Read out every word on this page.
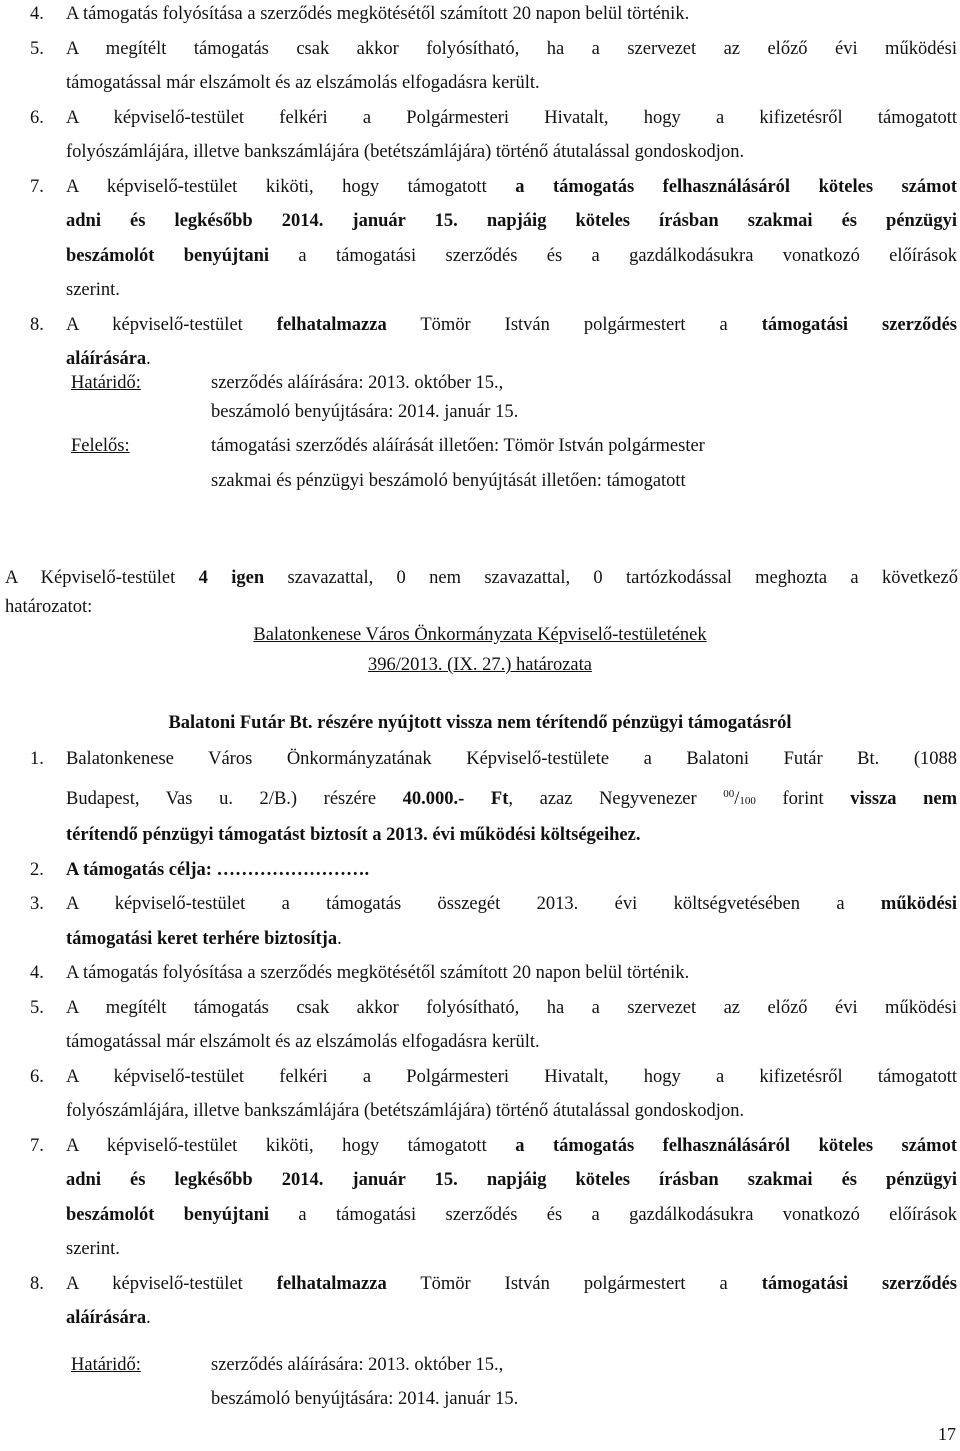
4. A támogatás folyósítása a szerződés megkötésétől számított 20 napon belül történik.
5. A megítélt támogatás csak akkor folyósítható, ha a szervezet az előző évi működési
támogatással már elszámolt és az elszámolás elfogadásra került.
6. A képviselő-testület felkéri a Polgármesteri Hivatalt, hogy a kifizetésről támogatott
folyószámlájára, illetve bankszámlájára (betétszámlájára) történő átutalással gondoskodjon.
7. A képviselő-testület kiköti, hogy támogatott a támogatás felhasználásáról köteles számot
adni és legkésőbb 2014. január 15. napjáig köteles írásban szakmai és pénzügyi
beszámolót benyújtani a támogatási szerződés és a gazdálkodásukra vonatkozó előírások
szerint.
8. A képviselő-testület felhatalmazza Tömör István polgármestert a támogatási szerződés
aláírására.
Határidő:	szerződés aláírására: 2013. október 15.,
beszámoló benyújtására: 2014. január 15.
Felelős:	támogatási szerződés aláírását illetően: Tömör István polgármester
szakmai és pénzügyi beszámoló benyújtását illetően: támogatott
A Képviselő-testület 4 igen szavazattal, 0 nem szavazattal, 0 tartózkodással meghozta a következő
határozatot:
Balatonkenese Város Önkormányzata Képviselő-testületének
396/2013. (IX. 27.) határozata
Balatoni Futár Bt. részére nyújtott vissza nem térítendő pénzügyi támogatásról
1. Balatonkenese Város Önkormányzatának Képviselő-testülete a Balatoni Futár Bt. (1088
Budapest, Vas u. 2/B.) részére 40.000.- Ft, azaz Negyvenezer $^{00}$/100 forint vissza nem
térítendő pénzügyi támogatást biztosít a 2013. évi működési költségeihez.
2. A támogatás célja: …………………….
3. A képviselő-testület a támogatás összegét 2013. évi költségvetésében a működési
támogatási keret terhére biztosítja.
4. A támogatás folyósítása a szerződés megkötésétől számított 20 napon belül történik.
5. A megítélt támogatás csak akkor folyósítható, ha a szervezet az előző évi működési
támogatással már elszámolt és az elszámolás elfogadásra került.
6. A képviselő-testület felkéri a Polgármesteri Hivatalt, hogy a kifizetésről támogatott
folyószámlájára, illetve bankszámlájára (betétszámlájára) történő átutalással gondoskodjon.
7. A képviselő-testület kiköti, hogy támogatott a támogatás felhasználásáról köteles számot
adni és legkésőbb 2014. január 15. napjáig köteles írásban szakmai és pénzügyi
beszámolót benyújtani a támogatási szerződés és a gazdálkodásukra vonatkozó előírások
szerint.
8. A képviselő-testület felhatalmazza Tömör István polgármestert a támogatási szerződés
aláírására.
Határidő:	szerződés aláírására: 2013. október 15.,
beszámoló benyújtására: 2014. január 15.
17
